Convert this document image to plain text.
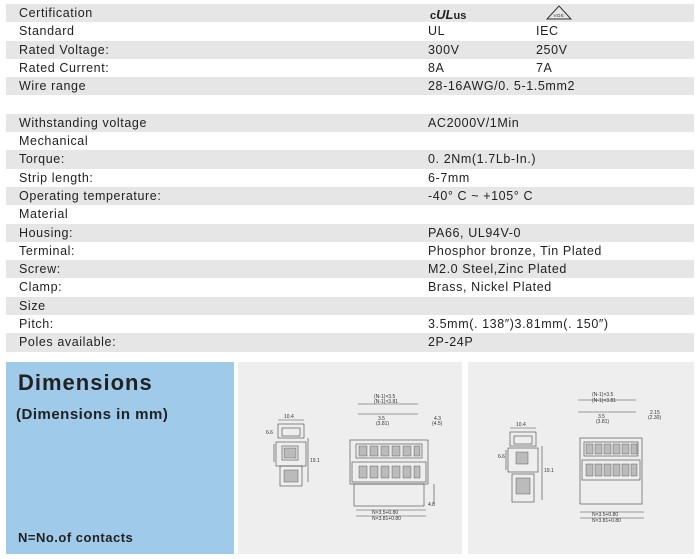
Certification	cULus	VDE
Standard	UL	IEC
Rated Voltage:	300V	250V
Rated Current:	8A	7A
Wire range	28-16AWG/0. 5-1.5mm2
Withstanding voltage	AC2000V/1Min
Mechanical
Torque:	0. 2Nm(1.7Lb-In.)
Strip length:	6-7mm
Operating temperature:	-40° C ~ +105° C
Material
Housing:	PA66, UL94V-0
Terminal:	Phosphor bronze, Tin Plated
Screw:	M2.0 Steel,Zinc Plated
Clamp:	Brass, Nickel Plated
Size
Pitch:	3.5mm(. 138″)3.81mm(. 150″)
Poles available:	2P-24P
Dimensions
(Dimensions in mm)
N=No.of contacts
10.4
6.6
19.1
(N-1)×3.5
(N-1)×3.81
3.5
(3.81)
4.3
(4.5)
4.8
N×3.5+0.80
N×3.81+0.80
10.4
6.6
19.1
(N-1)×3.5
(N-1)×3.81
3.5
(3.81)
2.15
(2.30)
N×3.5+0.80
N×3.81+0.80
